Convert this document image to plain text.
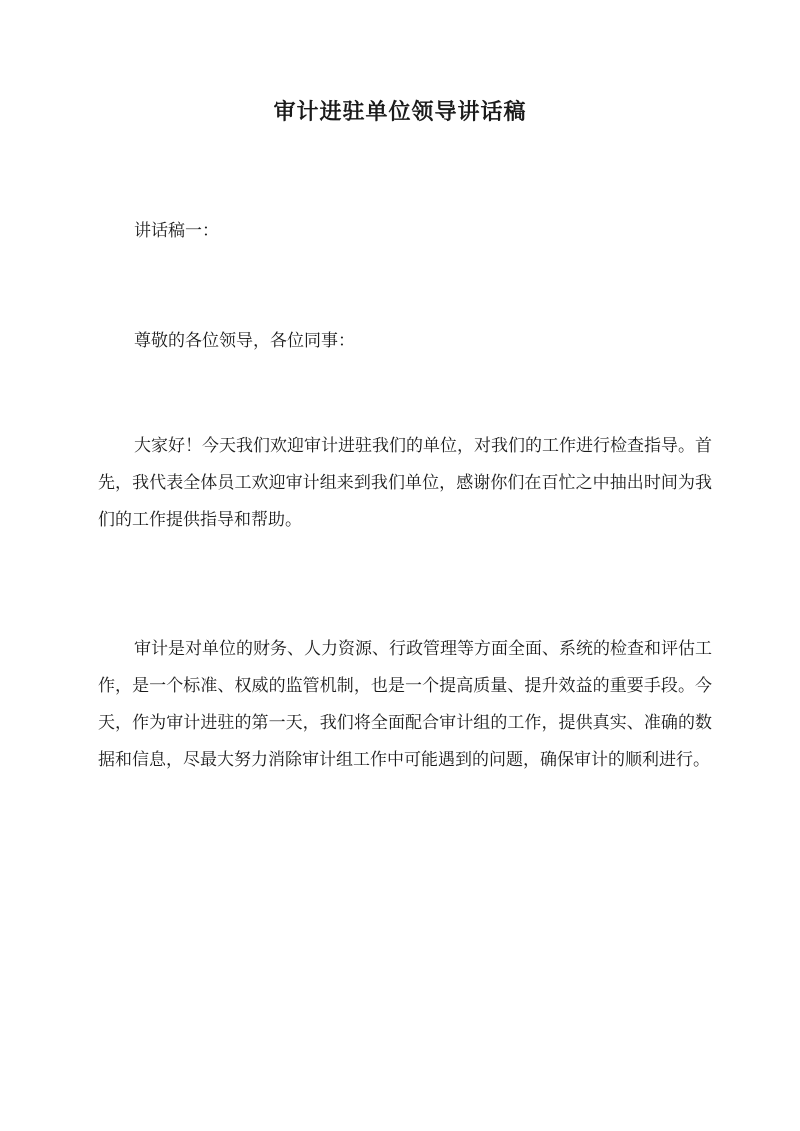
审计进驻单位领导讲话稿

讲话稿一：

尊敬的各位领导，各位同事：

大家好！今天我们欢迎审计进驻我们的单位，对我们的工作进行检查指导。首先，我代表全体员工欢迎审计组来到我们单位，感谢你们在百忙之中抽出时间为我们的工作提供指导和帮助。

审计是对单位的财务、人力资源、行政管理等方面全面、系统的检查和评估工作，是一个标准、权威的监管机制，也是一个提高质量、提升效益的重要手段。今天，作为审计进驻的第一天，我们将全面配合审计组的工作，提供真实、准确的数据和信息，尽最大努力消除审计组工作中可能遇到的问题，确保审计的顺利进行。
